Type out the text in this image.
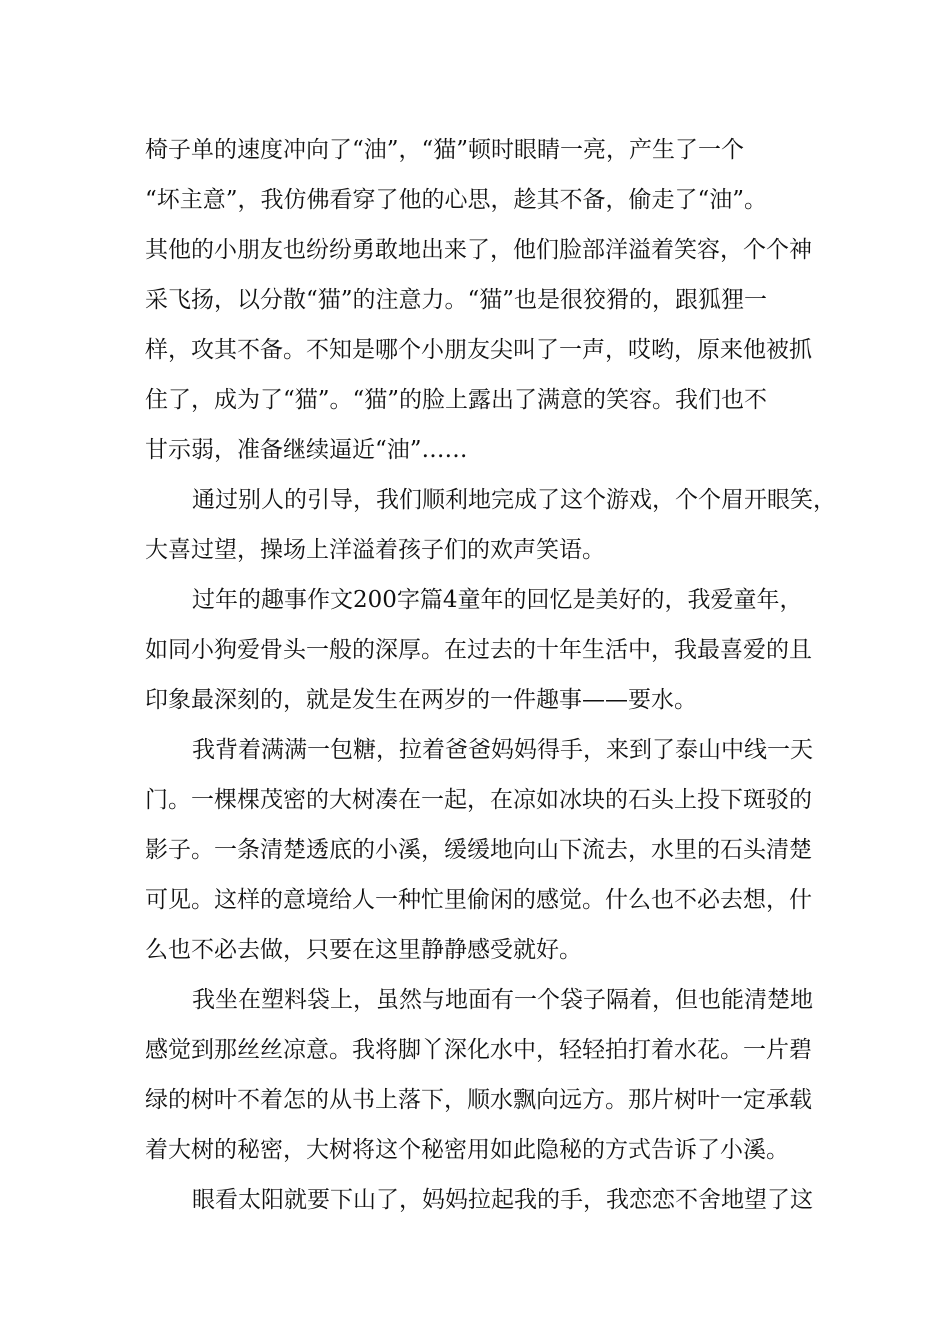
椅子单的速度冲向了“油”，“猫”顿时眼睛一亮，产生了一个

“坏主意”，我仿佛看穿了他的心思，趁其不备，偷走了“油”。

其他的小朋友也纷纷勇敢地出来了，他们脸部洋溢着笑容，个个神

采飞扬，以分散“猫”的注意力。“猫”也是很狡猾的，跟狐狸一

样，攻其不备。不知是哪个小朋友尖叫了一声，哎哟，原来他被抓

住了，成为了“猫”。“猫”的脸上露出了满意的笑容。我们也不

甘示弱，准备继续逼近“油”……

通过别人的引导，我们顺利地完成了这个游戏，个个眉开眼笑，

大喜过望，操场上洋溢着孩子们的欢声笑语。

过年的趣事作文200字篇4童年的回忆是美好的，我爱童年，

如同小狗爱骨头一般的深厚。在过去的十年生活中，我最喜爱的且

印象最深刻的，就是发生在两岁的一件趣事——要水。

我背着满满一包糖，拉着爸爸妈妈得手，来到了泰山中线一天

门。一棵棵茂密的大树凑在一起，在凉如冰块的石头上投下斑驳的

影子。一条清楚透底的小溪，缓缓地向山下流去，水里的石头清楚

可见。这样的意境给人一种忙里偷闲的感觉。什么也不必去想，什

么也不必去做，只要在这里静静感受就好。

我坐在塑料袋上，虽然与地面有一个袋子隔着，但也能清楚地

感觉到那丝丝凉意。我将脚丫深化水中，轻轻拍打着水花。一片碧

绿的树叶不着怎的从书上落下，顺水飘向远方。那片树叶一定承载

着大树的秘密，大树将这个秘密用如此隐秘的方式告诉了小溪。

眼看太阳就要下山了，妈妈拉起我的手，我恋恋不舍地望了这
